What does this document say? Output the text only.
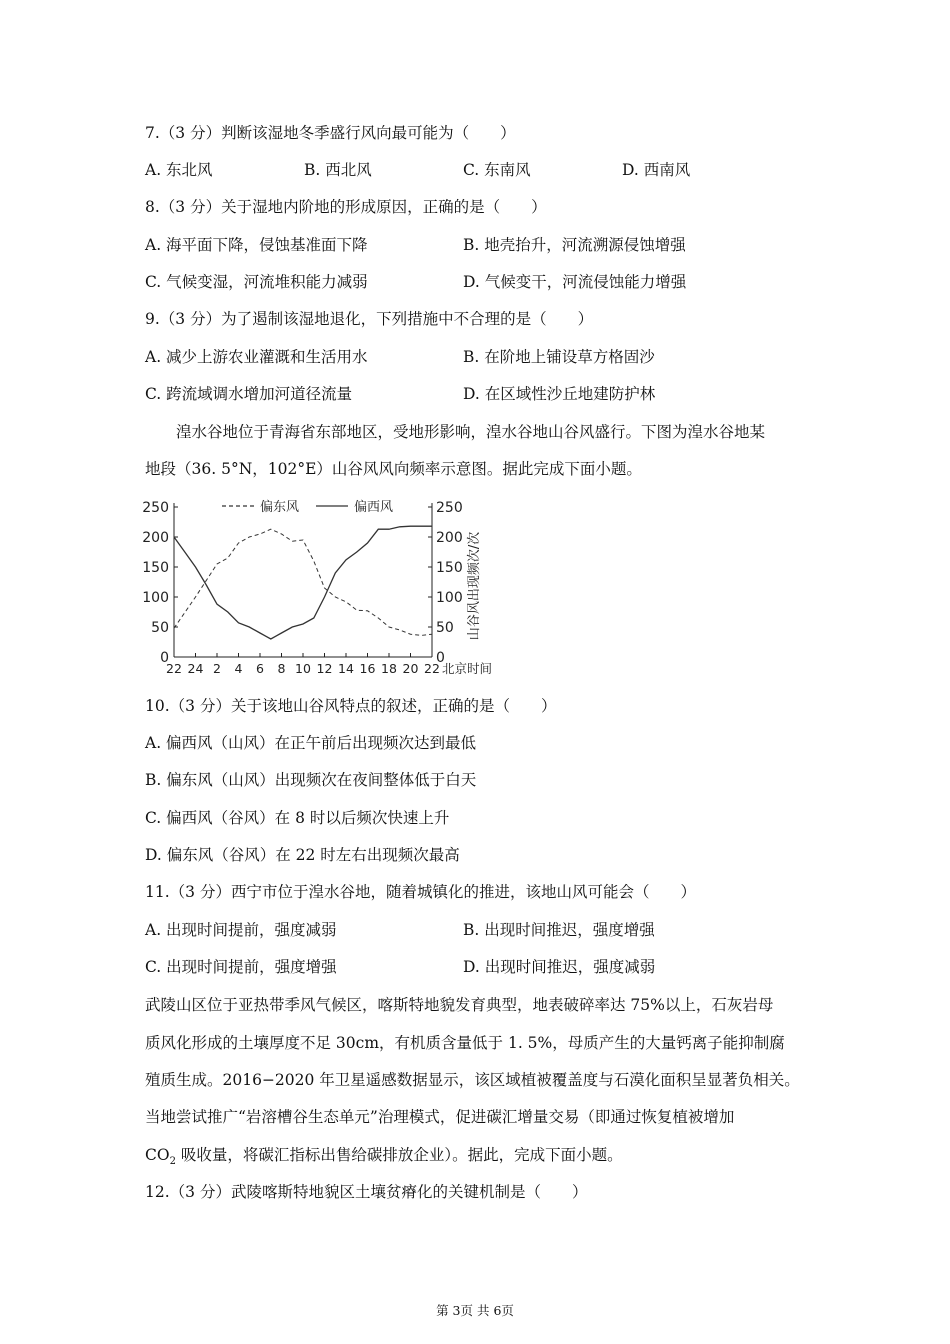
7.（3 分）判断该湿地冬季盛行风向最可能为（　　）
A. 东北风	B. 西北风	C. 东南风	D. 西南风
8.（3 分）关于湿地内阶地的形成原因，正确的是（　　）
A. 海平面下降，侵蚀基准面下降	B. 地壳抬升，河流溯源侵蚀增强
C. 气候变湿，河流堆积能力减弱	D. 气候变干，河流侵蚀能力增强
9.（3 分）为了遏制该湿地退化，下列措施中不合理的是（　　）
A. 减少上游农业灌溉和生活用水	B. 在阶地上铺设草方格固沙
C. 跨流域调水增加河道径流量	D. 在区域性沙丘地建防护林
湟水谷地位于青海省东部地区，受地形影响，湟水谷地山谷风盛行。下图为湟水谷地某
地段（36. 5°N，102°E）山谷风风向频率示意图。据此完成下面小题。
250	250
200	200
150	150
100	100
50	50
0	0
22 24 2 4 6 8 10 12 14 16 18 20 22 北京时间
山谷风出现频次/次
偏东风	偏西风
10.（3 分）关于该地山谷风特点的叙述，正确的是（　　）
A. 偏西风（山风）在正午前后出现频次达到最低
B. 偏东风（山风）出现频次在夜间整体低于白天
C. 偏西风（谷风）在 8 时以后频次快速上升
D. 偏东风（谷风）在 22 时左右出现频次最高
11.（3 分）西宁市位于湟水谷地，随着城镇化的推进，该地山风可能会（　　）
A. 出现时间提前，强度减弱	B. 出现时间推迟，强度增强
C. 出现时间提前，强度增强	D. 出现时间推迟，强度减弱
武陵山区位于亚热带季风气候区，喀斯特地貌发育典型，地表破碎率达 75%以上，石灰岩母
质风化形成的土壤厚度不足 30cm，有机质含量低于 1. 5%，母质产生的大量钙离子能抑制腐
殖质生成。2016−2020 年卫星遥感数据显示，该区域植被覆盖度与石漠化面积呈显著负相关。
当地尝试推广“岩溶槽谷生态单元”治理模式，促进碳汇增量交易（即通过恢复植被增加
$CO_2$ 吸收量，将碳汇指标出售给碳排放企业）。据此，完成下面小题。
12.（3 分）武陵喀斯特地貌区土壤贫瘠化的关键机制是（　　）
第 3页 共 6页
